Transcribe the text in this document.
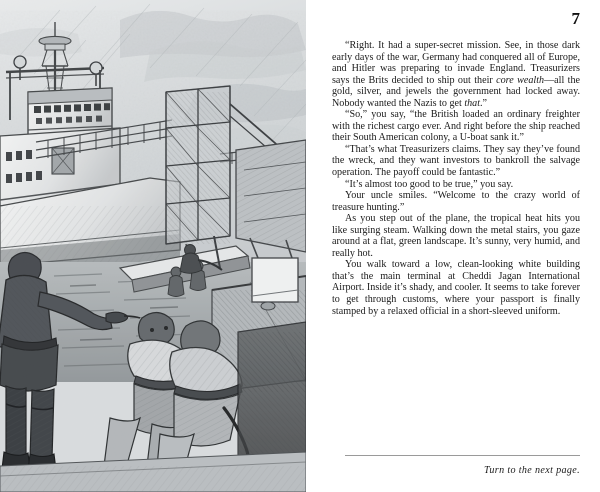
7

“Right. It had a super-secret mission. See, in those dark early days of the war, Germany had conquered all of Europe, and Hitler was preparing to invade England. Treasurizers says the Brits decided to ship out their core wealth—all the gold, silver, and jewels the government had locked away. Nobody wanted the Nazis to get that.”

“So,” you say, “the British loaded an ordinary freighter with the richest cargo ever. And right before the ship reached their South American colony, a U-boat sank it.”

“That’s what Treasurizers claims. They say they’ve found the wreck, and they want investors to bankroll the salvage operation. The payoff could be fantastic.”

“It’s almost too good to be true,” you say.

Your uncle smiles. “Welcome to the crazy world of treasure hunting.”

As you step out of the plane, the tropical heat hits you like surging steam. Walking down the metal stairs, you gaze around at a flat, green landscape. It’s sunny, very humid, and really hot.

You walk toward a low, clean-looking white building that’s the main terminal at Cheddi Jagan International Airport. Inside it’s shady, and cooler. It seems to take forever to get through customs, where your passport is finally stamped by a relaxed official in a short-sleeved uniform.

Turn to the next page.
